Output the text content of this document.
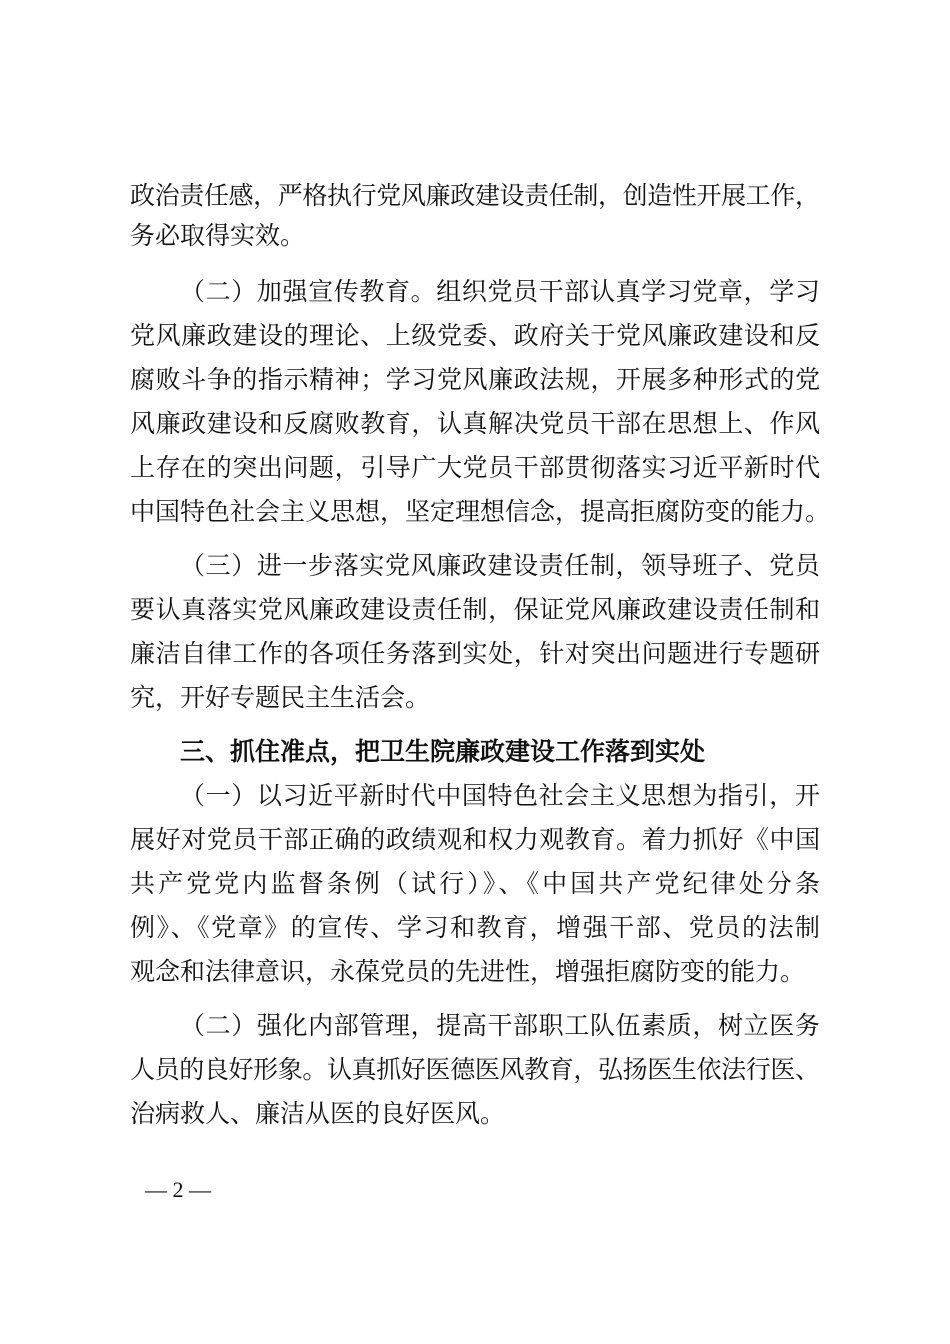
政治责任感，严格执行党风廉政建设责任制，创造性开展工作，
务必取得实效。
（二）加强宣传教育。组织党员干部认真学习党章，学习
党风廉政建设的理论、上级党委、政府关于党风廉政建设和反
腐败斗争的指示精神；学习党风廉政法规，开展多种形式的党
风廉政建设和反腐败教育，认真解决党员干部在思想上、作风
上存在的突出问题，引导广大党员干部贯彻落实习近平新时代
中国特色社会主义思想，坚定理想信念，提高拒腐防变的能力。
（三）进一步落实党风廉政建设责任制，领导班子、党员
要认真落实党风廉政建设责任制，保证党风廉政建设责任制和
廉洁自律工作的各项任务落到实处，针对突出问题进行专题研
究，开好专题民主生活会。
三、抓住准点，把卫生院廉政建设工作落到实处
（一）以习近平新时代中国特色社会主义思想为指引，开
展好对党员干部正确的政绩观和权力观教育。着力抓好《中国
共产党党内监督条例（试行）》、《中国共产党纪律处分条
例》、《党章》的宣传、学习和教育，增强干部、党员的法制
观念和法律意识，永葆党员的先进性，增强拒腐防变的能力。
（二）强化内部管理，提高干部职工队伍素质，树立医务
人员的良好形象。认真抓好医德医风教育，弘扬医生依法行医、
治病救人、廉洁从医的良好医风。
— 2 —
